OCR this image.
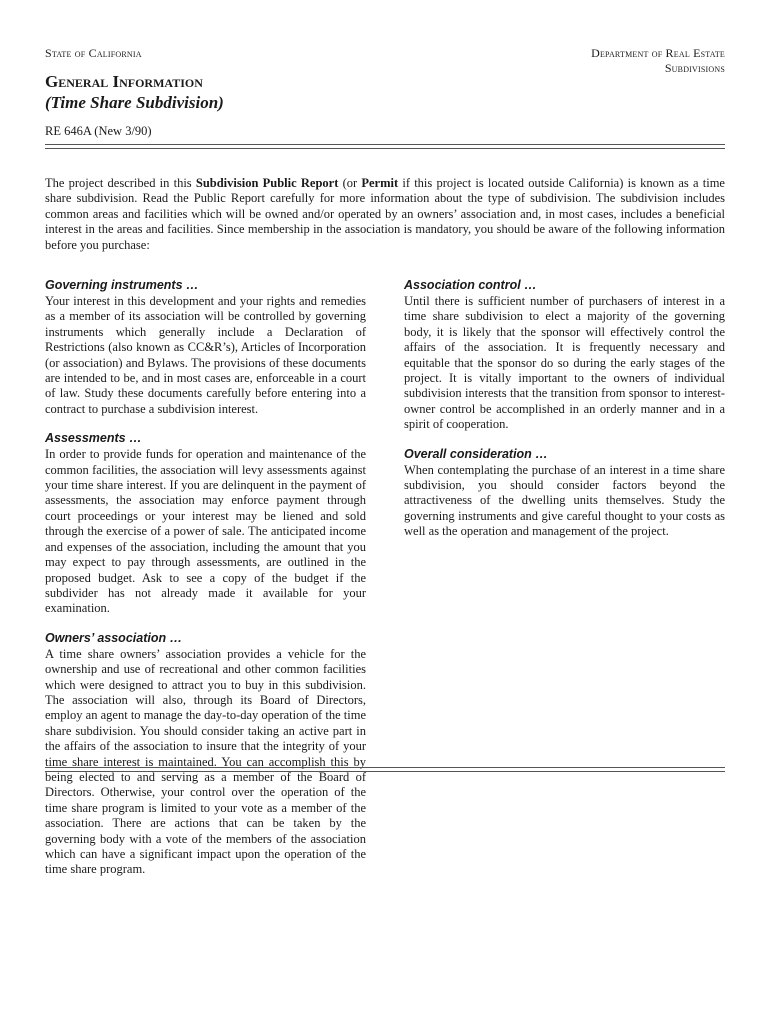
State of California	Department of Real Estate
Subdivisions
General Information
(Time Share Subdivision)
RE 646A (New 3/90)
The project described in this Subdivision Public Report (or Permit if this project is located outside California) is known as a time share subdivision. Read the Public Report carefully for more information about the type of subdivision. The subdivision includes common areas and facilities which will be owned and/or operated by an owners’ association and, in most cases, includes a beneficial interest in the areas and facilities. Since membership in the association is mandatory, you should be aware of the following information before you purchase:
Governing instruments …

Your interest in this development and your rights and remedies as a member of its association will be controlled by governing instruments which generally include a Declaration of Restrictions (also known as CC&R’s), Articles of Incorporation (or association) and Bylaws. The provisions of these documents are intended to be, and in most cases are, enforceable in a court of law. Study these documents carefully before entering into a contract to purchase a subdivision interest.

Assessments …

In order to provide funds for operation and maintenance of the common facilities, the association will levy assessments against your time share interest. If you are delinquent in the payment of assessments, the association may enforce payment through court proceedings or your interest may be liened and sold through the exercise of a power of sale. The anticipated income and expenses of the association, including the amount that you may expect to pay through assessments, are outlined in the proposed budget. Ask to see a copy of the budget if the subdivider has not already made it available for your examination.

Owners’ association …

A time share owners’ association provides a vehicle for the ownership and use of recreational and other common facilities which were designed to attract you to buy in this subdivision. The association will also, through its Board of Directors, employ an agent to manage the day-to-day operation of the time share subdivision. You should consider taking an active part in the affairs of the association to insure that the integrity of your time share interest is maintained. You can accomplish this by being elected to and serving as a member of the Board of Directors. Otherwise, your control over the operation of the time share program is limited to your vote as a member of the association. There are actions that can be taken by the governing body with a vote of the members of the association which can have a significant impact upon the operation of the time share program.

Association control …

Until there is sufficient number of purchasers of interest in a time share subdivision to elect a majority of the governing body, it is likely that the sponsor will effectively control the affairs of the association. It is frequently necessary and equitable that the sponsor do so during the early stages of the project. It is vitally important to the owners of individual subdivision interests that the transition from sponsor to interest-owner control be accomplished in an orderly manner and in a spirit of cooperation.

Overall consideration …

When contemplating the purchase of an interest in a time share subdivision, you should consider factors beyond the attractiveness of the dwelling units themselves. Study the governing instruments and give careful thought to your costs as well as the operation and management of the project.
